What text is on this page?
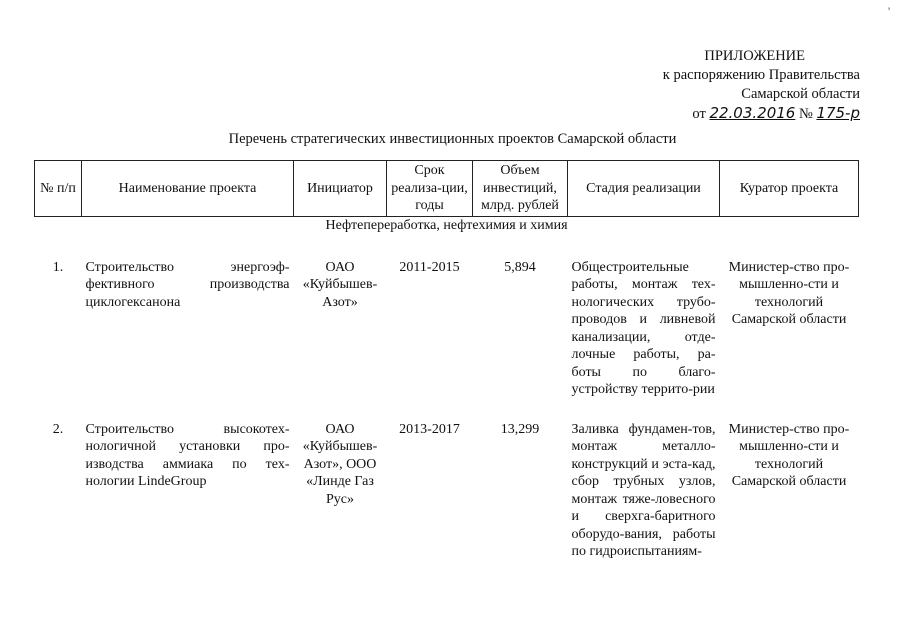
'
ПРИЛОЖЕНИЕ
к распоряжению Правительства
Самарской области
от 22.03.2016 № 175-р
Перечень стратегических инвестиционных проектов Самарской области
№ п/п	Наименование проекта	Инициатор	Срок реализа-ции, годы	Объем инвестиций, млрд. рублей	Стадия реализации	Куратор проекта
Нефтепереработка, нефтехимия и химия						

1.	Строительство энергоэф-фективного производства циклогексанона	ОАО «Куйбышев-Азот»	2011-2015	5,894	Общестроительные работы, монтаж тех-нологических трубо-проводов и ливневой канализации, отде-лочные работы, ра-боты по благо-устройству террито-рии	Министер-ство про-мышленно-сти и технологий Самарской области

2.	Строительство высокотех-нологичной установки про-изводства аммиака по тех-нологии LindeGroup	ОАО «Куйбышев-Азот», ООО «Линде Газ Рус»	2013-2017	13,299	Заливка фундамен-тов, монтаж металло-конструкций и эста-кад, сбор трубных узлов, монтаж тяже-ловесного и сверхга-баритного оборудо-вания, работы по гидроиспытаниям-	Министер-ство про-мышленно-сти и технологий Самарской области
